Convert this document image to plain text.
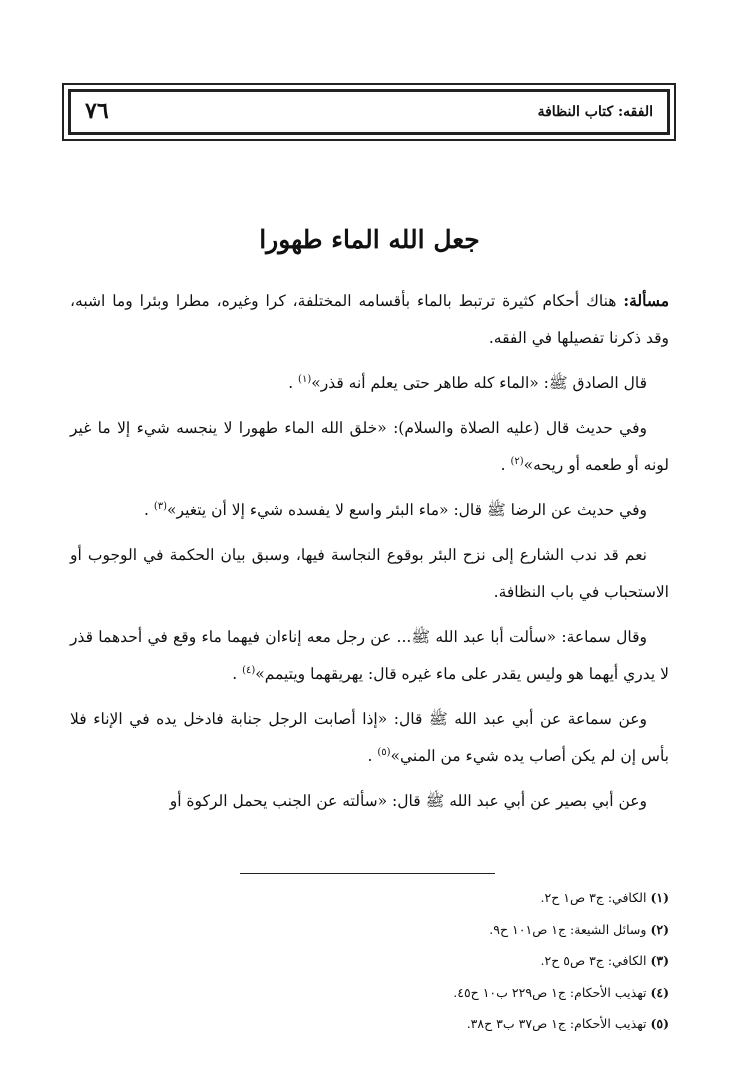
٧٦	الفقه: كتاب النظافة
جعل الله الماء طهورا

مسألة: هناك أحكام كثيرة ترتبط بالماء بأقسامه المختلفة، كرا وغيره، مطرا وبئرا وما اشبه، وقد ذكرنا تفصيلها في الفقه.

قال الصادق ﷺ: «الماء كله طاهر حتى يعلم أنه قذر»$^{(١)}$ .

وفي حديث قال (عليه الصلاة والسلام): «خلق الله الماء طهورا لا ينجسه شيء إلا ما غير لونه أو طعمه أو ريحه»$^{(٢)}$ .

وفي حديث عن الرضا ﷺ قال: «ماء البئر واسع لا يفسده شيء إلا أن يتغير»$^{(٣)}$ .

نعم قد ندب الشارع إلى نزح البئر بوقوع النجاسة فيها، وسبق بيان الحكمة في الوجوب أو الاستحباب في باب النظافة.

وقال سماعة: «سألت أبا عبد الله ﷺ... عن رجل معه إناءان فيهما ماء وقع في أحدهما قذر لا يدري أيهما هو وليس يقدر على ماء غيره قال: يهريقهما ويتيمم»$^{(٤)}$ .

وعن سماعة عن أبي عبد الله ﷺ قال: «إذا أصابت الرجل جنابة فادخل يده في الإناء فلا بأس إن لم يكن أصاب يده شيء من المني»$^{(٥)}$ .

وعن أبي بصير عن أبي عبد الله ﷺ قال: «سألته عن الجنب يحمل الركوة أو

(١)الكافي: ج٣ ص١ ح٢.

(٢)وسائل الشيعة: ج١ ص١٠١ ح٩.

(٣)الكافي: ج٣ ص٥ ح٢.

(٤)تهذيب الأحكام: ج١ ص٢٢٩ ب١٠ ح٤٥.

(٥)تهذيب الأحكام: ج١ ص٣٧ ب٣ ح٣٨.
